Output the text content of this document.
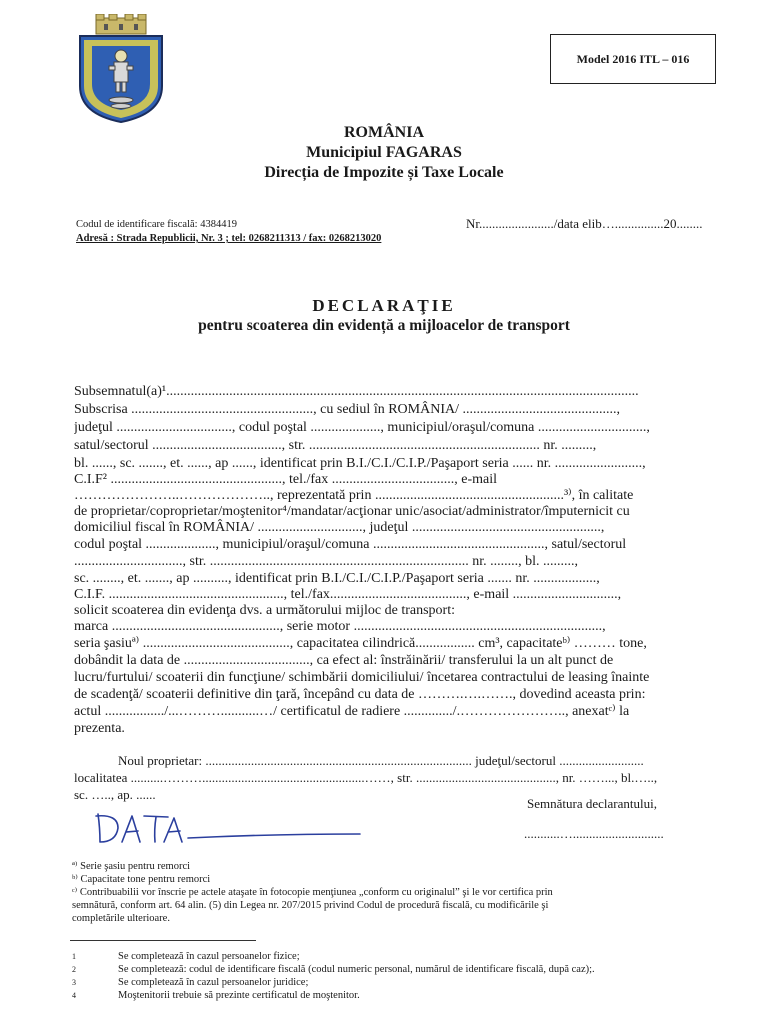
Model 2016 ITL – 016
ROMÂNIA
Municipiul FAGARAS
Direcția de Impozite și Taxe Locale
Codul de identificare fiscală: 4384419
Adresă : Strada Republicii, Nr. 3 ; tel: 0268211313 / fax: 0268213020
Nr......................./data elib…...............20........
DECLARAŢIE
pentru scoaterea din evidență a mijloacelor de transport
Subsemnatul(a)¹.......................................................................................................................................
Subscrisa ...................................................., cu sediul în ROMÂNIA/ ............................................,
judeţul ................................., codul poştal ...................., municipiul/oraşul/comuna ...............................,
satul/sectorul ....................................., str. .................................................................. nr. .........,
bl. ......, sc. ......., et. ......, ap ......, identificat prin B.I./C.I./C.I.P./Paşaport seria ...... nr. .........................,
C.I.F² ................................................., tel./fax ..................................., e-mail
…………………..……………….., reprezentată prin ......................................................³⁾, în calitate
de proprietar/coproprietar/moştenitor⁴/mandatar/acţionar unic/asociat/administrator/împuternicit cu
domiciliul fiscal în ROMÂNIA/ .............................., judeţul ......................................................,
codul poştal ...................., municipiul/oraşul/comuna ................................................., satul/sectorul
..............................., str. .......................................................................... nr. ........, bl. .........,
sc. ........, et. ......., ap .........., identificat prin B.I./C.I./C.I.P./Paşaport seria ....... nr. ..................,
C.I.F. .................................................., tel./fax......................................., e-mail ..............................,
solicit scoaterea din evidenţa dvs. a următorului mijloc de transport:
marca ................................................, serie motor .......................................................................,
seria şasiuª⁾ .........................................., capacitatea cilindrică................. cm³, capacitateᵇ⁾ ……… tone,
dobândit la data de ...................................., ca efect al: înstrăinării/ transferului la un alt punct de
lucru/furtului/ scoaterii din funcţiune/ schimbării domiciliului/ încetarea contractului de leasing înainte
de scadenţă/ scoaterii definitive din ţară, începând cu data de ……….….……., dovedind aceasta prin:
actul ................./...………...........…/ certificatul de radiere ............../.………………….., anexatᶜ⁾ la
prezenta.
Noul proprietar: .................................................................................. judeţul/sectorul ..........................
localitatea ..........………..................................................……, str. ..........................................., nr. ……..., bl.…..,
sc. ….., ap. ......
Semnătura declarantului,
...........…............................
ª⁾ Serie şasiu pentru remorci
ᵇ⁾ Capacitate tone pentru remorci
ᶜ⁾ Contribuabilii vor înscrie pe actele ataşate în fotocopie menţiunea „conform cu originalul” şi le vor certifica prin
semnătură, conform art. 64 alin. (5) din Legea nr. 207/2015 privind Codul de procedură fiscală, cu modificările şi
completările ulterioare.
1	Se completează în cazul persoanelor fizice;
2	Se completează: codul de identificare fiscală (codul numeric personal, numărul de identificare fiscală, după caz);.
3	Se completează în cazul persoanelor juridice;
4	Moştenitorii trebuie să prezinte certificatul de moştenitor.
